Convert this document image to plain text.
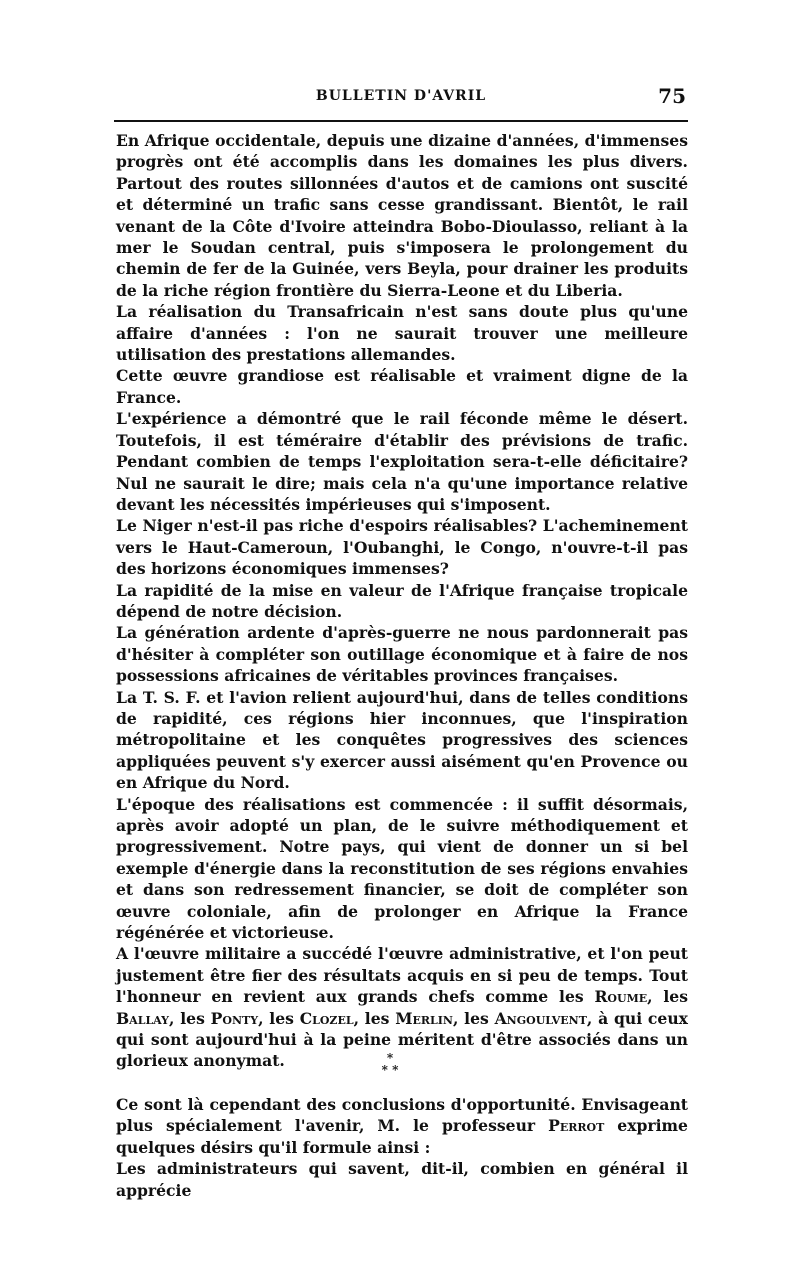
BULLETIN D'AVRIL	75

En Afrique occidentale, depuis une dizaine d'années, d'immenses progrès ont été accomplis dans les domaines les plus divers. Partout des routes sillonnées d'autos et de camions ont suscité et déterminé un trafic sans cesse grandissant. Bientôt, le rail venant de la Côte d'Ivoire atteindra Bobo-Dioulasso, reliant à la mer le Soudan central, puis s'imposera le prolongement du chemin de fer de la Guinée, vers Beyla, pour drainer les produits de la riche région frontière du Sierra-Leone et du Liberia.

La réalisation du Transafricain n'est sans doute plus qu'une affaire d'années : l'on ne saurait trouver une meilleure utilisation des prestations allemandes.

Cette œuvre grandiose est réalisable et vraiment digne de la France.

L'expérience a démontré que le rail féconde même le désert. Toutefois, il est téméraire d'établir des prévisions de trafic. Pendant combien de temps l'exploitation sera-t-elle déficitaire? Nul ne saurait le dire; mais cela n'a qu'une importance relative devant les nécessités impérieuses qui s'imposent.

Le Niger n'est-il pas riche d'espoirs réalisables? L'acheminement vers le Haut-Cameroun, l'Oubanghi, le Congo, n'ouvre-t-il pas des horizons économiques immenses?

La rapidité de la mise en valeur de l'Afrique française tropicale dépend de notre décision.

La génération ardente d'après-guerre ne nous pardonnerait pas d'hésiter à compléter son outillage économique et à faire de nos possessions africaines de véritables provinces françaises.

La T. S. F. et l'avion relient aujourd'hui, dans de telles conditions de rapidité, ces régions hier inconnues, que l'inspiration métropolitaine et les conquêtes progressives des sciences appliquées peuvent s'y exercer aussi aisément qu'en Provence ou en Afrique du Nord.

L'époque des réalisations est commencée : il suffit désormais, après avoir adopté un plan, de le suivre méthodiquement et progressivement. Notre pays, qui vient de donner un si bel exemple d'énergie dans la reconstitution de ses régions envahies et dans son redressement financier, se doit de compléter son œuvre coloniale, afin de prolonger en Afrique la France régénérée et victorieuse.

A l'œuvre militaire a succédé l'œuvre administrative, et l'on peut justement être fier des résultats acquis en si peu de temps. Tout l'honneur en revient aux grands chefs comme les Roume, les Ballay, les Ponty, les Clozel, les Merlin, les Angoulvent, à qui ceux qui sont aujourd'hui à la peine méritent d'être associés dans un glorieux anonymat.	*
* *

Ce sont là cependant des conclusions d'opportunité. Envisageant plus spécialement l'avenir, M. le professeur Perrot exprime quelques désirs qu'il formule ainsi :

Les administrateurs qui savent, dit-il, combien en général il apprécie
